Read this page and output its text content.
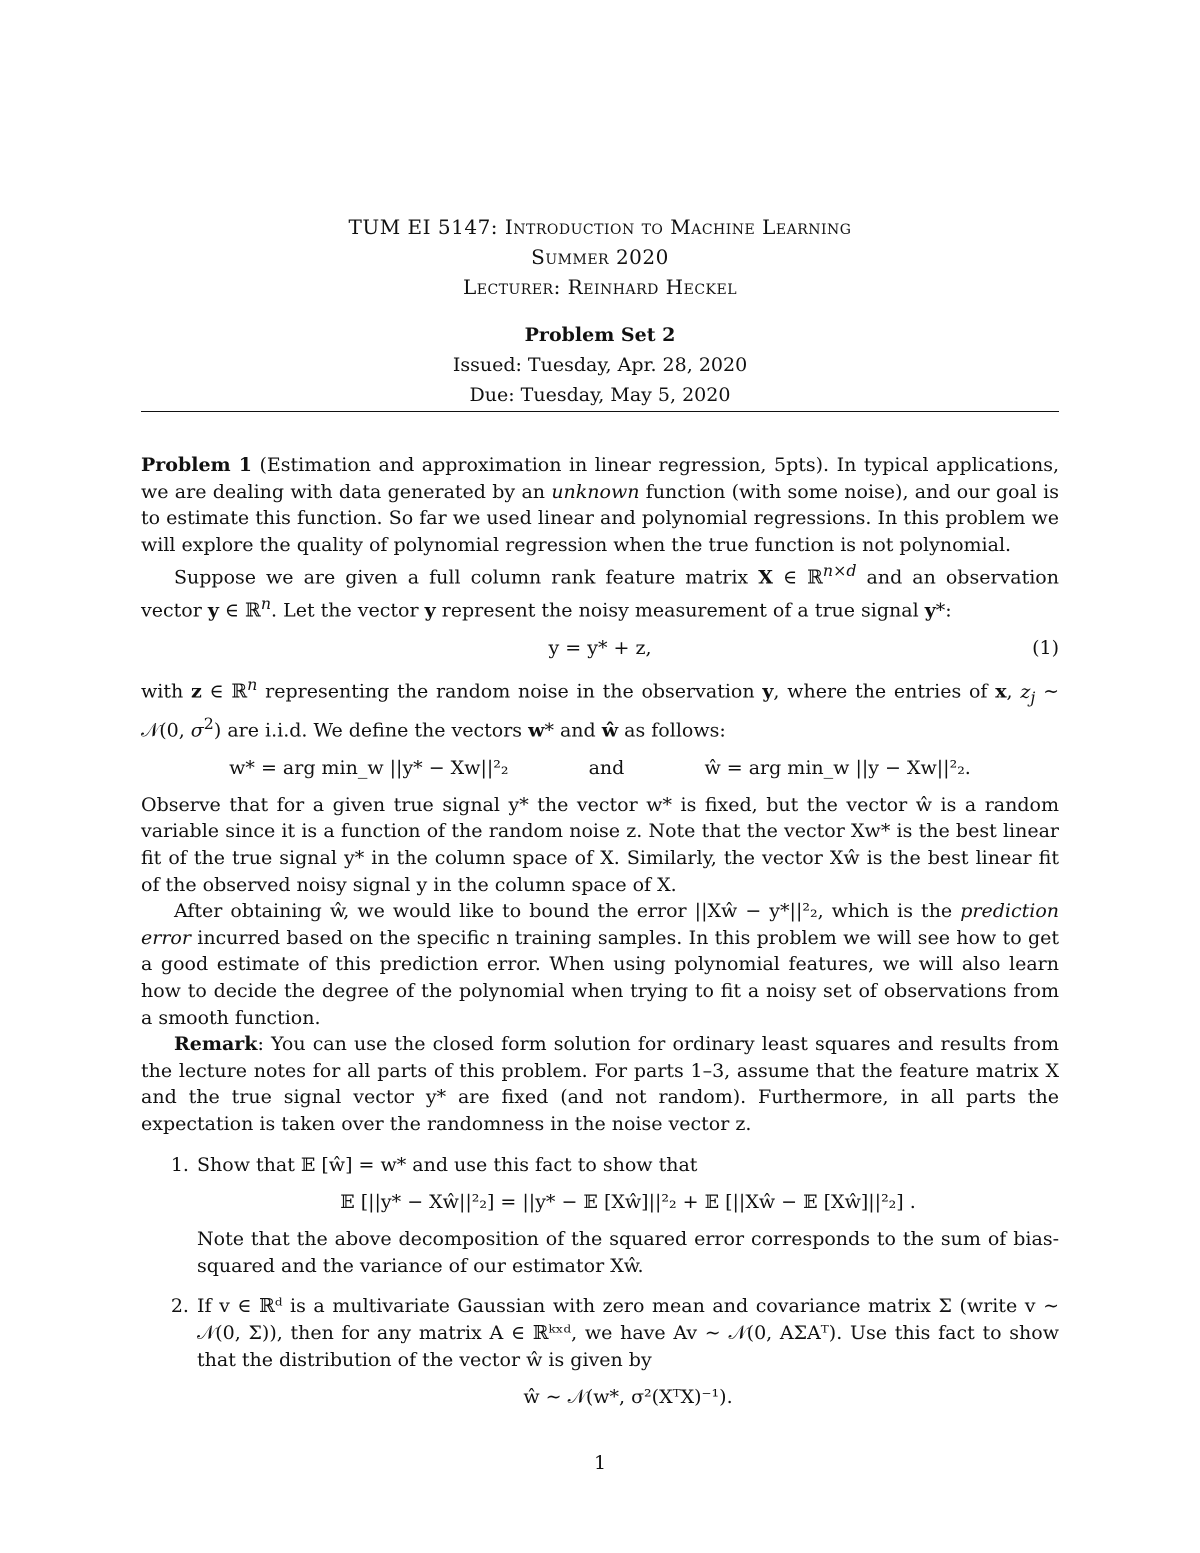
TUM EI 5147: Introduction to Machine Learning
Summer 2020
Lecturer: Reinhard Heckel
Problem Set 2
Issued: Tuesday, Apr. 28, 2020
Due: Tuesday, May 5, 2020

Problem 1 (Estimation and approximation in linear regression, 5pts). In typical applications, we are dealing with data generated by an unknown function (with some noise), and our goal is to estimate this function. So far we used linear and polynomial regressions. In this problem we will explore the quality of polynomial regression when the true function is not polynomial.

Suppose we are given a full column rank feature matrix X ∈ ℝ$^{n\times d}$ and an observation vector y ∈ ℝ$^n$. Let the vector y represent the noisy measurement of a true signal y*:

y = y* + z,	(1)

with z ∈ ℝ$^n$ representing the random noise in the observation y, where the entries of x, $z_j$ ∼ 𝒩(0, $\sigma^2$) are i.i.d. We define the vectors w* and ŵ as follows:

w* = arg min_w ||y* − Xw||²₂	and	ŵ = arg min_w ||y − Xw||²₂.

Observe that for a given true signal y* the vector w* is fixed, but the vector ŵ is a random variable since it is a function of the random noise z. Note that the vector Xw* is the best linear fit of the true signal y* in the column space of X. Similarly, the vector Xŵ is the best linear fit of the observed noisy signal y in the column space of X.

After obtaining ŵ, we would like to bound the error ||Xŵ − y*||²₂, which is the prediction error incurred based on the specific n training samples. In this problem we will see how to get a good estimate of this prediction error. When using polynomial features, we will also learn how to decide the degree of the polynomial when trying to fit a noisy set of observations from a smooth function.

Remark: You can use the closed form solution for ordinary least squares and results from the lecture notes for all parts of this problem. For parts 1–3, assume that the feature matrix X and the true signal vector y* are fixed (and not random). Furthermore, in all parts the expectation is taken over the randomness in the noise vector z.

1. Show that 𝔼 [ŵ] = w* and use this fact to show that
𝔼 [||y* − Xŵ||²₂] = ||y* − 𝔼 [Xŵ]||²₂ + 𝔼 [||Xŵ − 𝔼 [Xŵ]||²₂] .
Note that the above decomposition of the squared error corresponds to the sum of bias-squared and the variance of our estimator Xŵ.
2. If v ∈ ℝᵈ is a multivariate Gaussian with zero mean and covariance matrix Σ (write v ∼ 𝒩(0, Σ)), then for any matrix A ∈ ℝᵏˣᵈ, we have Av ∼ 𝒩(0, AΣAᵀ). Use this fact to show that the distribution of the vector ŵ is given by
ŵ ∼ 𝒩(w*, σ²(XᵀX)⁻¹).
1
